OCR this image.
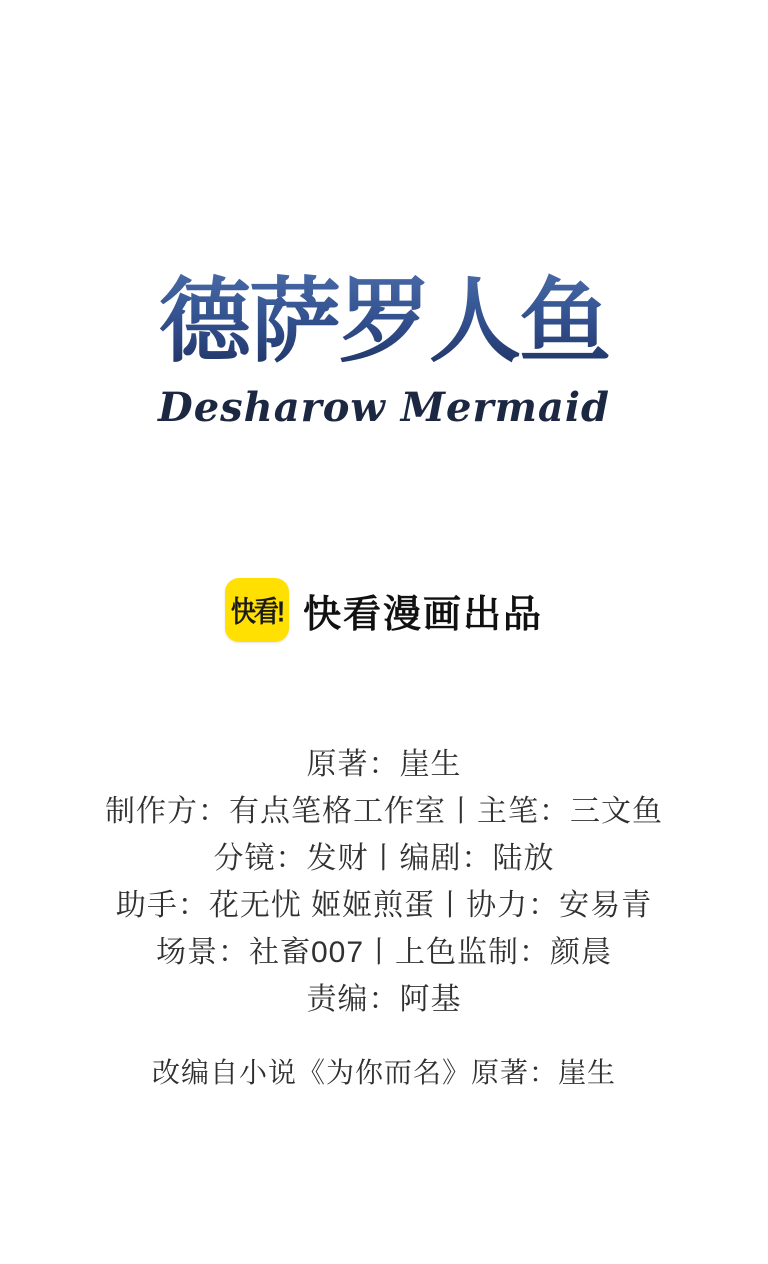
德萨罗人鱼
Desharow Mermaid
快看! 快看漫画出品
原著：崖生
制作方：有点笔格工作室丨主笔：三文鱼
分镜：发财丨编剧：陆放
助手：花无忧 姬姬煎蛋丨协力：安易青
场景：社畜007丨上色监制：颜晨
责编：阿基
改编自小说《为你而名》原著：崖生
